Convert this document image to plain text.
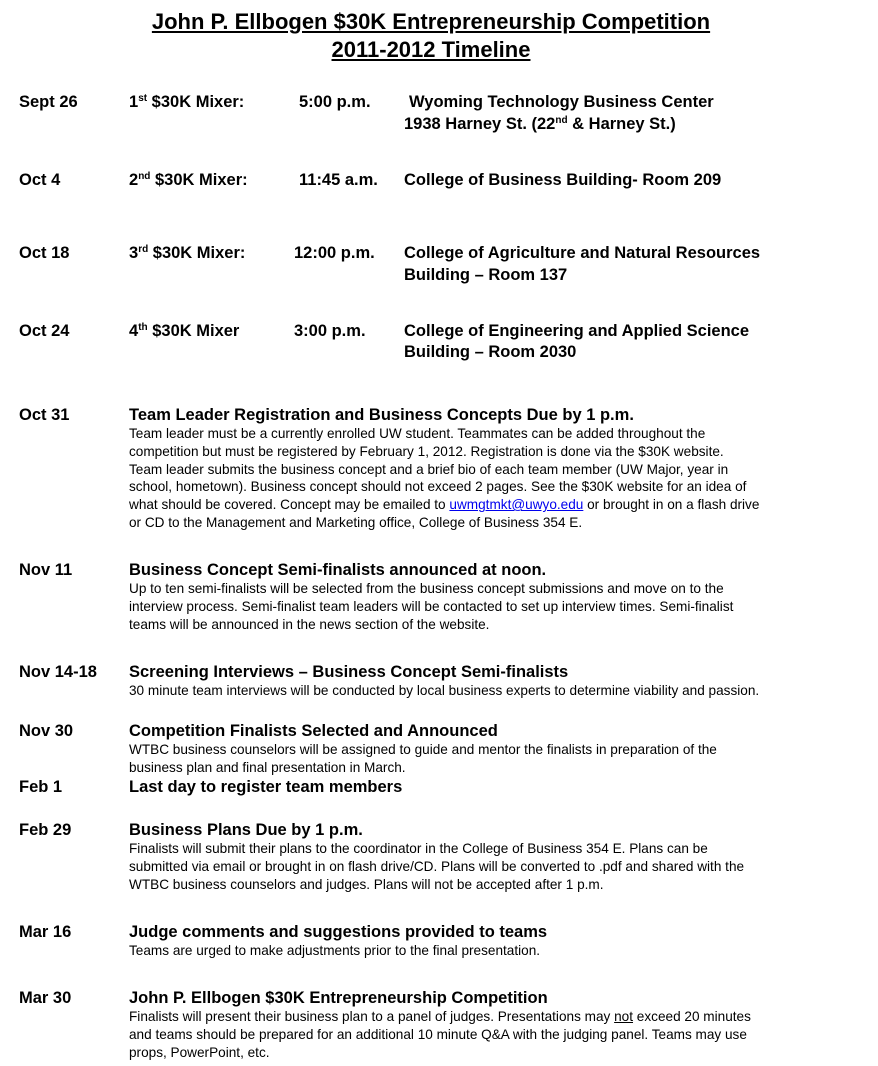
John P. Ellbogen $30K Entrepreneurship Competition
2011-2012 Timeline
Sept 26	1st $30K Mixer:	5:00 p.m. Wyoming Technology Business Center
1938 Harney St. (22nd & Harney St.)
Oct 4	2nd $30K Mixer:	11:45 a.m. College of Business Building- Room 209
Oct 18	3rd $30K Mixer:	12:00 p.m. College of Agriculture and Natural Resources
Building – Room 137
Oct 24	4th $30K Mixer	3:00 p.m. College of Engineering and Applied Science
Building – Room 2030
Oct 31	Team Leader Registration and Business Concepts Due by 1 p.m.
Team leader must be a currently enrolled UW student. Teammates can be added throughout the
competition but must be registered by February 1, 2012. Registration is done via the $30K website.
Team leader submits the business concept and a brief bio of each team member (UW Major, year in
school, hometown). Business concept should not exceed 2 pages. See the $30K website for an idea of
what should be covered. Concept may be emailed to uwmgtmkt@uwyo.edu or brought in on a flash drive
or CD to the Management and Marketing office, College of Business 354 E.
Nov 11	Business Concept Semi-finalists announced at noon.
Up to ten semi-finalists will be selected from the business concept submissions and move on to the
interview process. Semi-finalist team leaders will be contacted to set up interview times. Semi-finalist
teams will be announced in the news section of the website.
Nov 14-18 Screening Interviews – Business Concept Semi-finalists
30 minute team interviews will be conducted by local business experts to determine viability and passion.
Nov 30	Competition Finalists Selected and Announced
WTBC business counselors will be assigned to guide and mentor the finalists in preparation of the
business plan and final presentation in March.
Feb 1	Last day to register team members
Feb 29	Business Plans Due by 1 p.m.
Finalists will submit their plans to the coordinator in the College of Business 354 E. Plans can be
submitted via email or brought in on flash drive/CD. Plans will be converted to .pdf and shared with the
WTBC business counselors and judges. Plans will not be accepted after 1 p.m.
Mar 16	Judge comments and suggestions provided to teams
Teams are urged to make adjustments prior to the final presentation.
Mar 30	John P. Ellbogen $30K Entrepreneurship Competition
Finalists will present their business plan to a panel of judges. Presentations may not exceed 20 minutes
and teams should be prepared for an additional 10 minute Q&A with the judging panel. Teams may use
props, PowerPoint, etc.
